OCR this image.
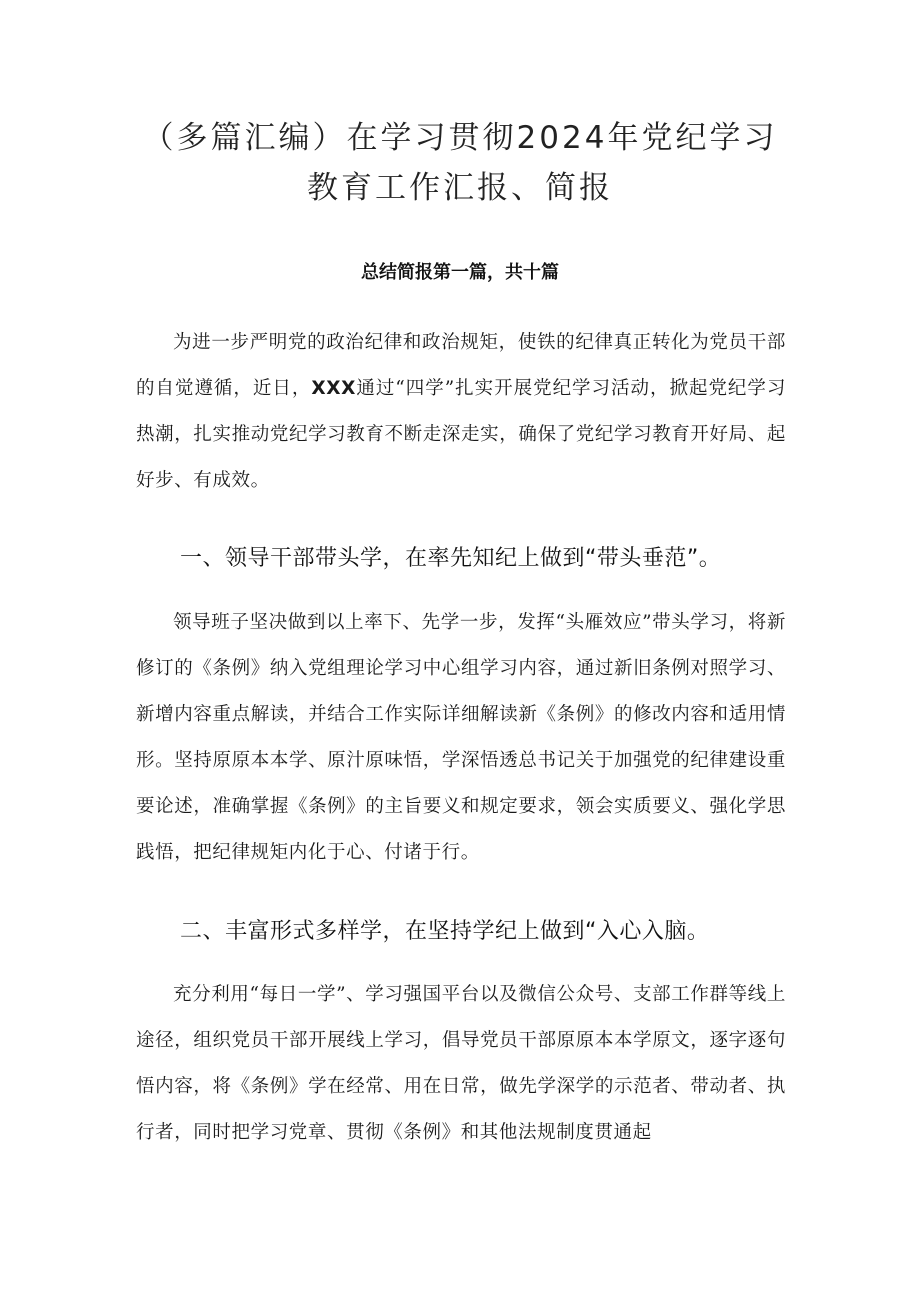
（多篇汇编）在学习贯彻2024年党纪学习
教育工作汇报、简报
总结简报第一篇，共十篇

为进一步严明党的政治纪律和政治规矩，使铁的纪律真正转化为党员干部的自觉遵循，近日，XXX通过“四学”扎实开展党纪学习活动，掀起党纪学习热潮，扎实推动党纪学习教育不断走深走实，确保了党纪学习教育开好局、起好步、有成效。

一、领导干部带头学，在率先知纪上做到“带头垂范”。

领导班子坚决做到以上率下、先学一步，发挥“头雁效应”带头学习，将新修订的《条例》纳入党组理论学习中心组学习内容，通过新旧条例对照学习、新增内容重点解读，并结合工作实际详细解读新《条例》的修改内容和适用情形。坚持原原本本学、原汁原味悟，学深悟透总书记关于加强党的纪律建设重要论述，准确掌握《条例》的主旨要义和规定要求，领会实质要义、强化学思践悟，把纪律规矩内化于心、付诸于行。

二、丰富形式多样学，在坚持学纪上做到“入心入脑。

充分利用“每日一学”、学习强国平台以及微信公众号、支部工作群等线上途径，组织党员干部开展线上学习，倡导党员干部原原本本学原文，逐字逐句悟内容，将《条例》学在经常、用在日常，做先学深学的示范者、带动者、执行者，同时把学习党章、贯彻《条例》和其他法规制度贯通起
